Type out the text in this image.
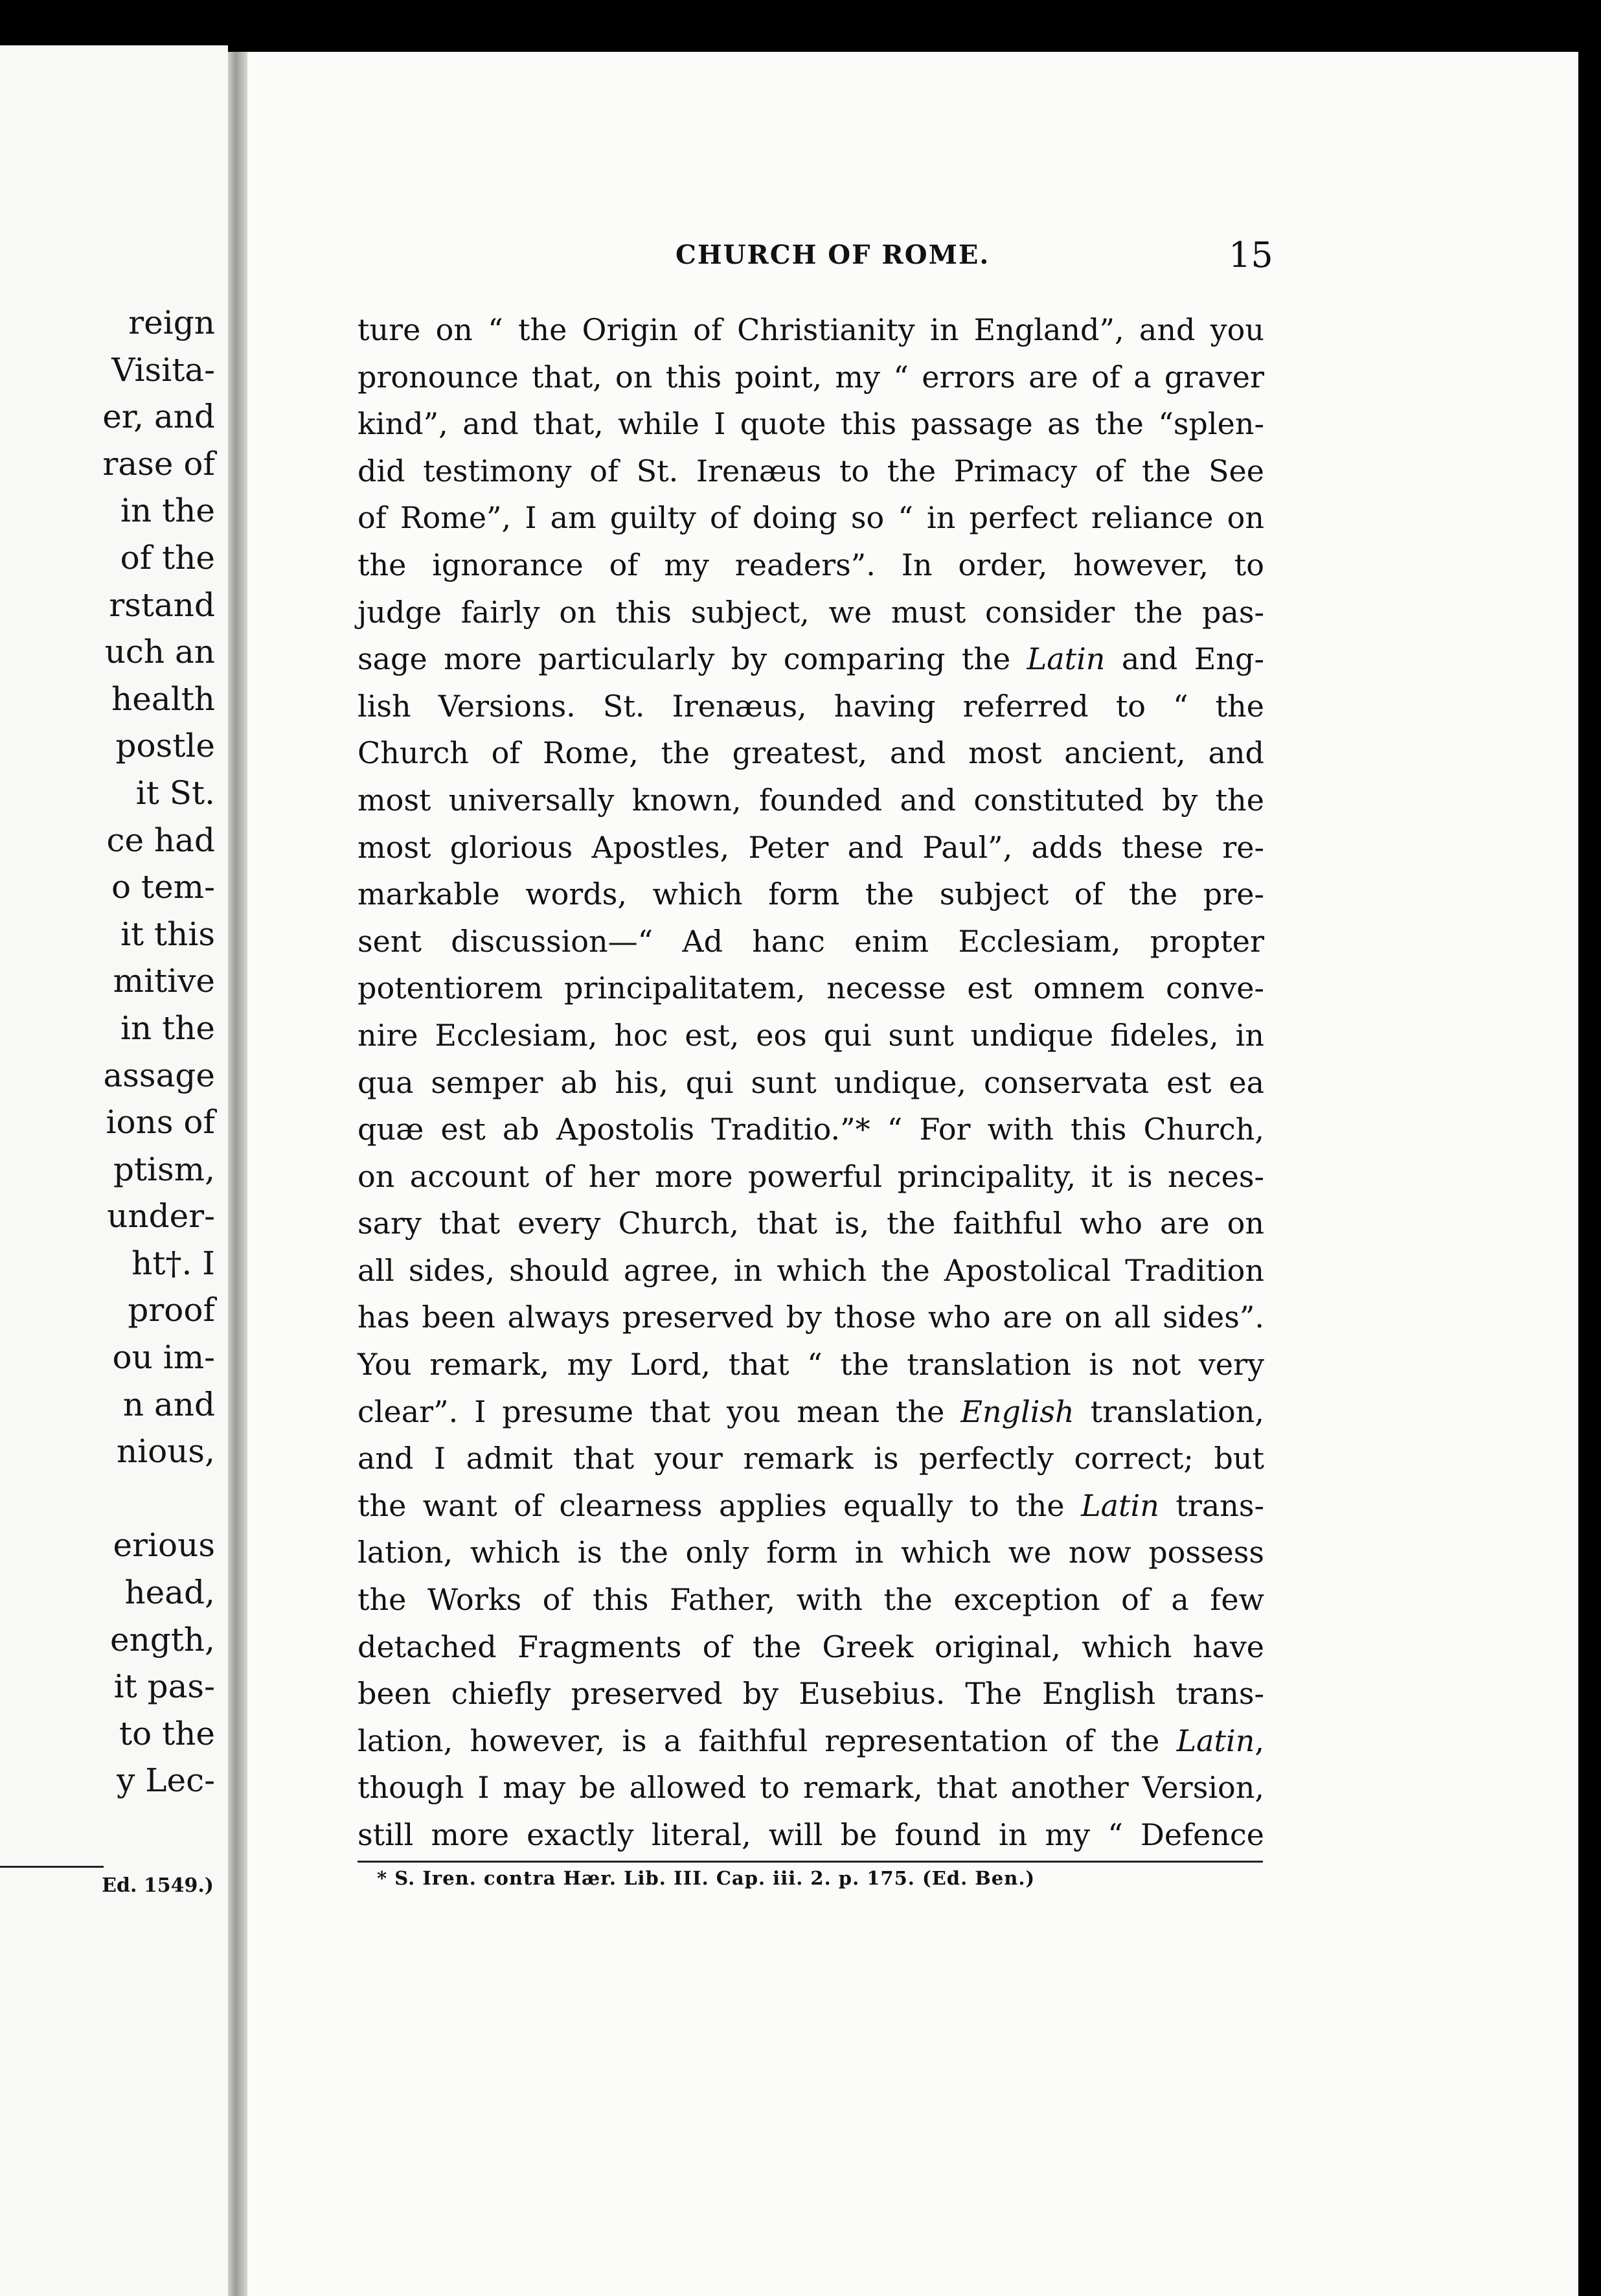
reign
Visita-
er, and
rase of
in the
of the
rstand
uch an
health
postle
it St.
ce had
o tem-
it this
mitive
in the
assage
ions of
ptism,
under-
ht†. I
proof
ou im-
n and
nious,
erious
head,
ength,
it pas-
to the
y Lec-
Ed. 1549.)
CHURCH OF ROME.	15
ture on “ the Origin of Christianity in England”, and you
pronounce that, on this point, my “ errors are of a graver
kind”, and that, while I quote this passage as the “splen-
did testimony of St. Irenæus to the Primacy of the See
of Rome”, I am guilty of doing so “ in perfect reliance on
the ignorance of my readers”. In order, however, to
judge fairly on this subject, we must consider the pas-
sage more particularly by comparing the Latin and Eng-
lish Versions. St. Irenæus, having referred to “ the
Church of Rome, the greatest, and most ancient, and
most universally known, founded and constituted by the
most glorious Apostles, Peter and Paul”, adds these re-
markable words, which form the subject of the pre-
sent discussion—“ Ad hanc enim Ecclesiam, propter
potentiorem principalitatem, necesse est omnem conve-
nire Ecclesiam, hoc est, eos qui sunt undique fideles, in
qua semper ab his, qui sunt undique, conservata est ea
quæ est ab Apostolis Traditio.”* “ For with this Church,
on account of her more powerful principality, it is neces-
sary that every Church, that is, the faithful who are on
all sides, should agree, in which the Apostolical Tradition
has been always preserved by those who are on all sides”.
You remark, my Lord, that “ the translation is not very
clear”. I presume that you mean the English translation,
and I admit that your remark is perfectly correct; but
the want of clearness applies equally to the Latin trans-
lation, which is the only form in which we now possess
the Works of this Father, with the exception of a few
detached Fragments of the Greek original, which have
been chiefly preserved by Eusebius. The English trans-
lation, however, is a faithful representation of the Latin,
though I may be allowed to remark, that another Version,
still more exactly literal, will be found in my “ Defence
* S. Iren. contra Hær. Lib. III. Cap. iii. 2. p. 175. (Ed. Ben.)
